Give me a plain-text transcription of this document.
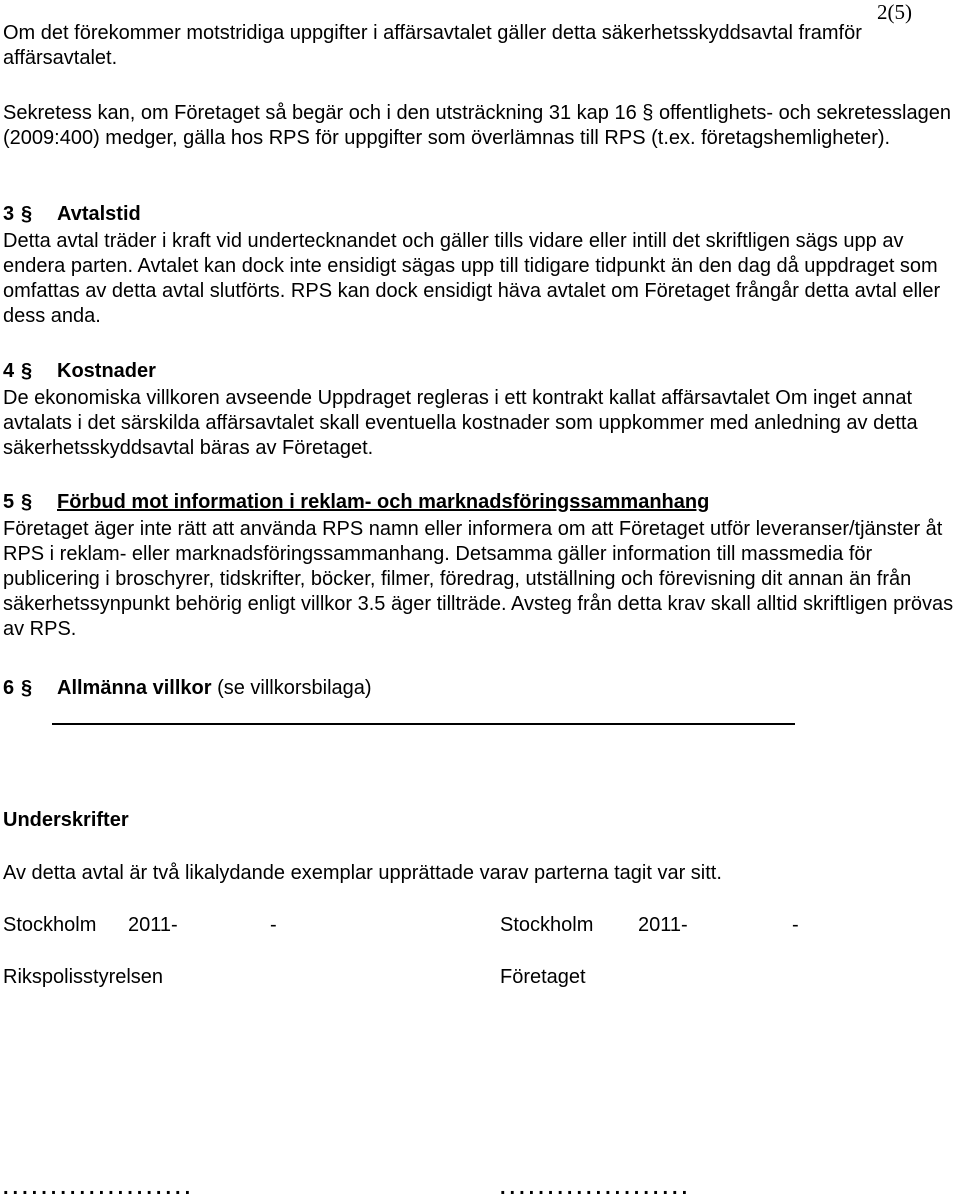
2(5)

Om det förekommer motstridiga uppgifter i affärsavtalet gäller detta säkerhetsskyddsavtal framför affärsavtalet.

Sekretess kan, om Företaget så begär och i den utsträckning 31 kap 16 § offentlighets- och sekretesslagen (2009:400) medger, gälla hos RPS för uppgifter som överlämnas till RPS (t.ex. företagshemligheter).

3 § Avtalstid

Detta avtal träder i kraft vid undertecknandet och gäller tills vidare eller intill det skriftligen sägs upp av endera parten. Avtalet kan dock inte ensidigt sägas upp till tidigare tidpunkt än den dag då uppdraget som omfattas av detta avtal slutförts. RPS kan dock ensidigt häva avtalet om Företaget frångår detta avtal eller dess anda.

4 § Kostnader

De ekonomiska villkoren avseende Uppdraget regleras i ett kontrakt kallat affärsavtalet Om inget annat avtalats i det särskilda affärsavtalet skall eventuella kostnader som uppkommer med anledning av detta säkerhetsskyddsavtal bäras av Företaget.

5 § Förbud mot information i reklam- och marknadsföringssammanhang

Företaget äger inte rätt att använda RPS namn eller informera om att Företaget utför leveranser/tjänster åt RPS i reklam- eller marknadsföringssammanhang. Detsamma gäller information till massmedia för publicering i broschyrer, tidskrifter, böcker, filmer, föredrag, utställning och förevisning dit annan än från säkerhetssynpunkt behörig enligt villkor 3.5 äger tillträde. Avsteg från detta krav skall alltid skriftligen prövas av RPS.

6 § Allmänna villkor (se villkorsbilaga)
Underskrifter

Av detta avtal är två likalydande exemplar upprättade varav parterna tagit var sitt.

Stockholm 2011-	-	Stockholm 2011-	-
Rikspolisstyrelsen	Företaget
....................	....................
